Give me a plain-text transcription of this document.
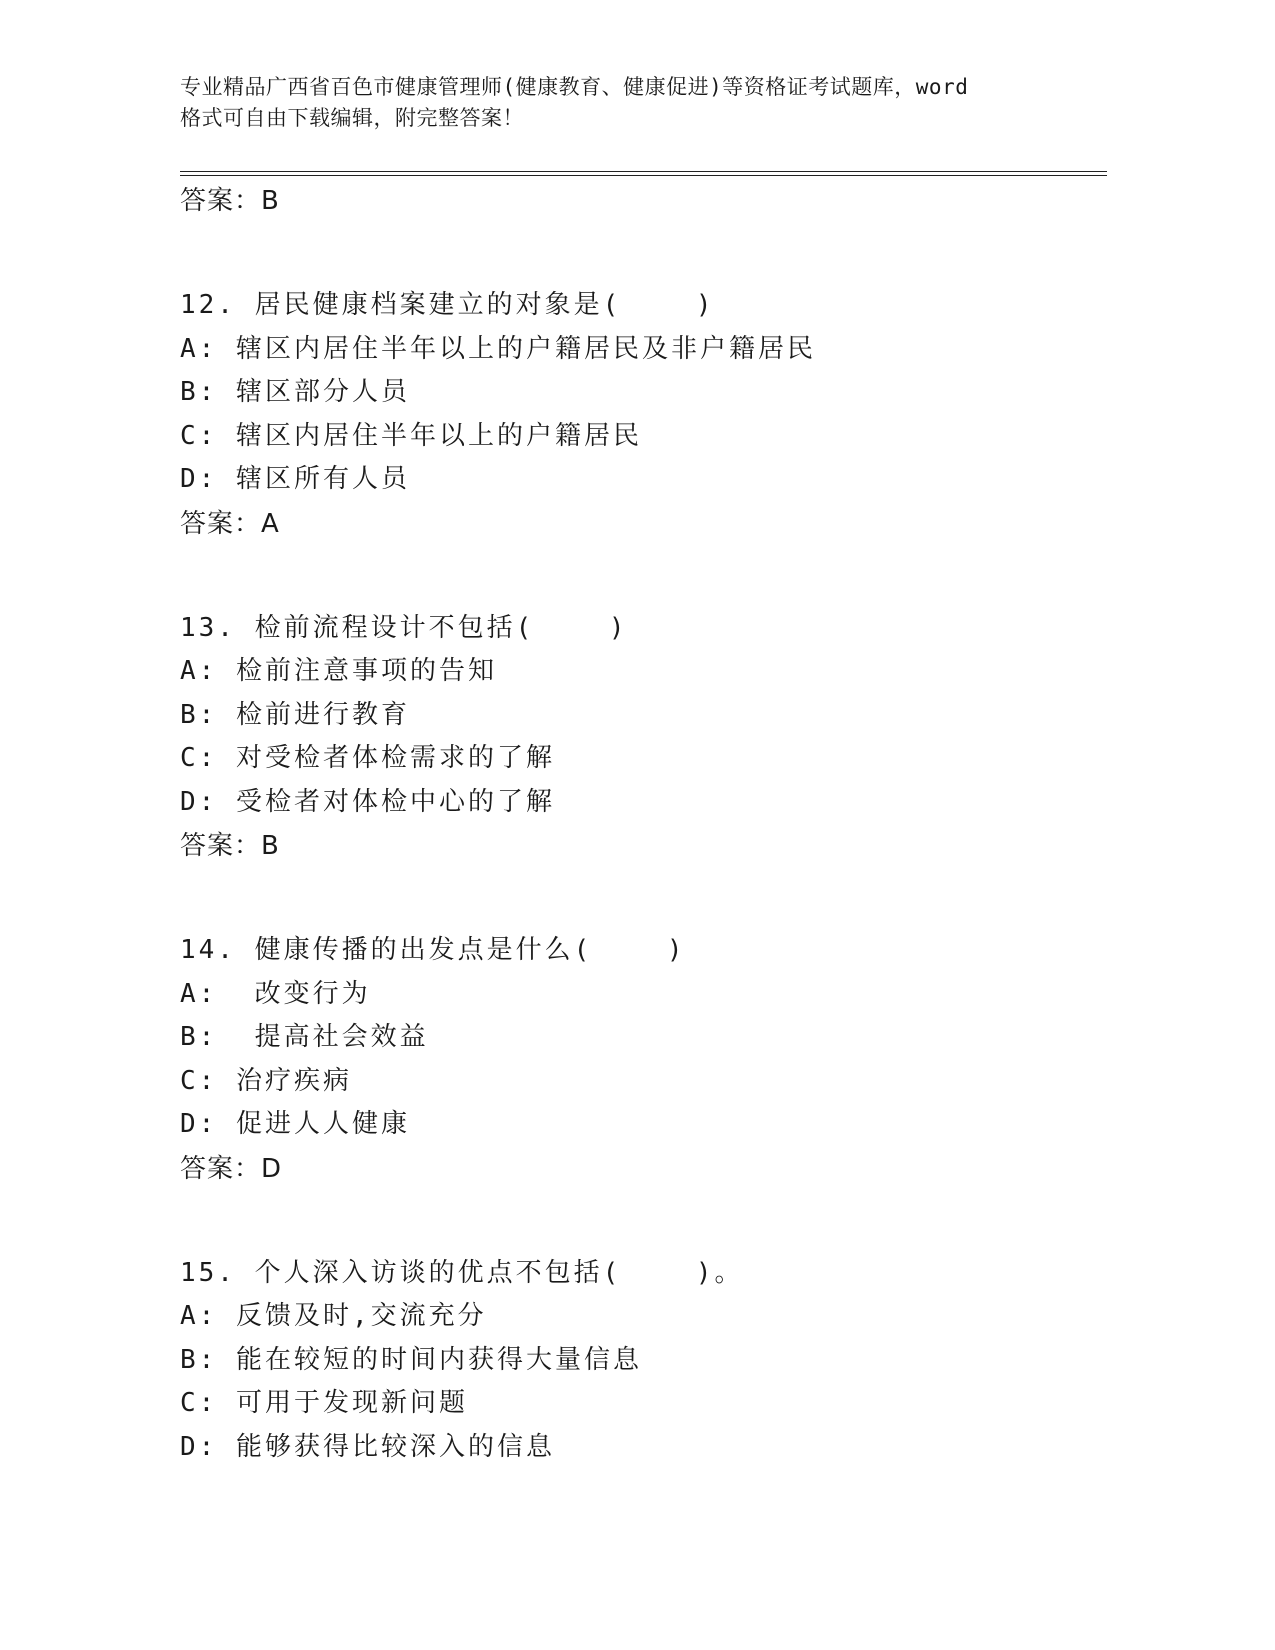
专业精品广西省百色市健康管理师(健康教育、健康促进)等资格证考试题库，word
格式可自由下载编辑，附完整答案！
答案：B
12. 居民健康档案建立的对象是(    )
A: 辖区内居住半年以上的户籍居民及非户籍居民
B: 辖区部分人员
C: 辖区内居住半年以上的户籍居民
D: 辖区所有人员
答案：A
13. 检前流程设计不包括(    )
A: 检前注意事项的告知
B: 检前进行教育
C: 对受检者体检需求的了解
D: 受检者对体检中心的了解
答案：B
14. 健康传播的出发点是什么(    )
A:  改变行为
B:  提高社会效益
C: 治疗疾病
D: 促进人人健康
答案：D
15. 个人深入访谈的优点不包括(    )。
A: 反馈及时,交流充分
B: 能在较短的时间内获得大量信息
C: 可用于发现新问题
D: 能够获得比较深入的信息
